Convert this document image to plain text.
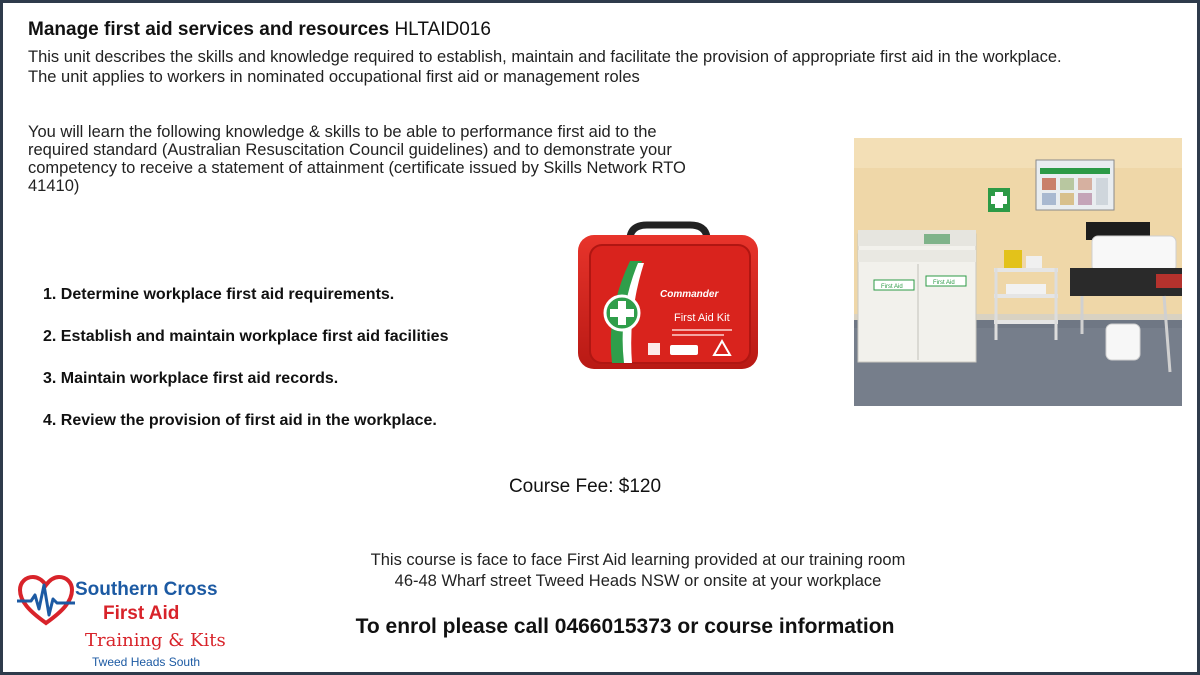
Manage first aid services and resources HLTAID016
This unit describes the skills and knowledge required to establish, maintain and facilitate the provision of appropriate first aid in the workplace.
The unit applies to workers in nominated occupational first aid or management roles
You will learn the following knowledge & skills to be able to performance first aid to the required standard (Australian Resuscitation Council guidelines) and to demonstrate your competency to receive a statement of attainment (certificate issued by Skills Network RTO 41410)
1. Determine workplace first aid requirements.
2. Establish and maintain workplace first aid facilities
3. Maintain workplace first aid records.
4. Review the provision of first aid in the workplace.
Commander
First Aid Kit
First Aid
First Aid
Course Fee: $120
This course is face to face First Aid learning provided at our training room
46-48 Wharf street Tweed Heads NSW or onsite at your workplace
To enrol please call 0466015373 or course information
Southern Cross
First Aid
Training & Kits
Tweed Heads South
